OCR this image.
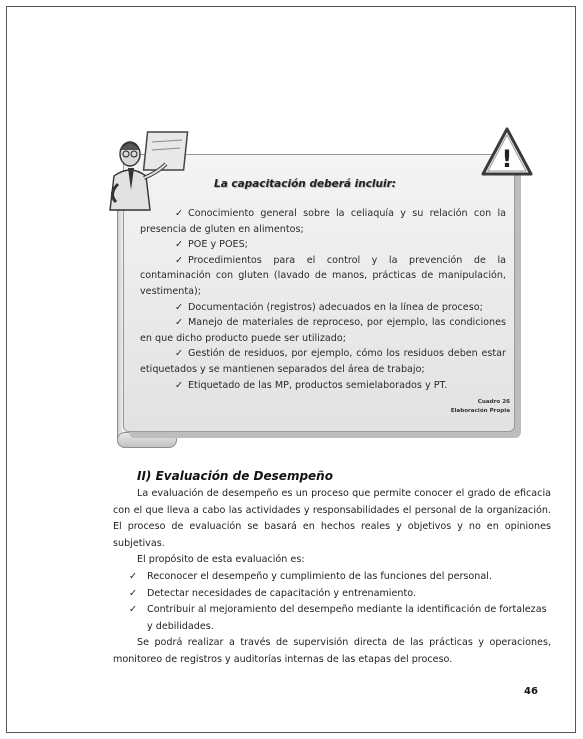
!
La capacitación deberá incluir:

✓ Conocimiento general sobre la celiaquía y su relación con la presencia de gluten en alimentos;

✓ POE y POES;

✓ Procedimientos para el control y la prevención de la contaminación con gluten (lavado de manos, prácticas de manipulación, vestimenta);

✓ Documentación (registros) adecuados en la línea de proceso;

✓ Manejo de materiales de reproceso, por ejemplo, las condiciones en que dicho producto puede ser utilizado;

✓ Gestión de residuos, por ejemplo, cómo los residuos deben estar etiquetados y se mantienen separados del área de trabajo;

✓ Etiquetado de las MP, productos semielaborados y PT.

Cuadro 26
Elaboración Propia
II) Evaluación de Desempeño

La evaluación de desempeño es un proceso que permite conocer el grado de eficacia con el que lleva a cabo las actividades y responsabilidades el personal de la organización. El proceso de evaluación se basará en hechos reales y objetivos y no en opiniones subjetivas.

El propósito de esta evaluación es:

✓ Reconocer el desempeño y cumplimiento de las funciones del personal.
✓ Detectar necesidades de capacitación y entrenamiento.
✓ Contribuir al mejoramiento del desempeño mediante la identificación de fortalezas y debilidades.

Se podrá realizar a través de supervisión directa de las prácticas y operaciones, monitoreo de registros y auditorías internas de las etapas del proceso.

46
